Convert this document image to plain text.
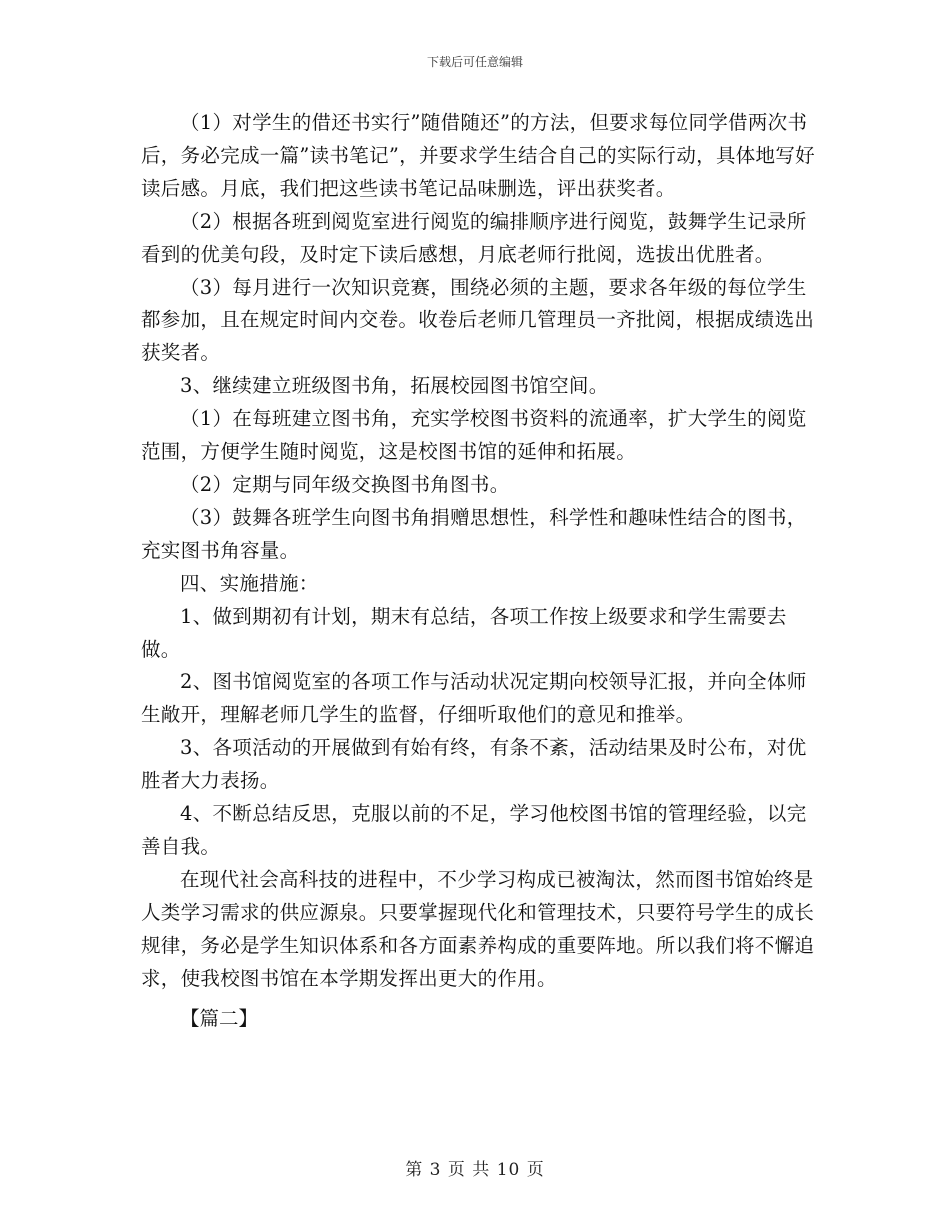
下载后可任意编辑

（1）对学生的借还书实行”随借随还”的方法，但要求每位同学借两次书后，务必完成一篇”读书笔记”，并要求学生结合自己的实际行动，具体地写好读后感。月底，我们把这些读书笔记品味删选，评出获奖者。

（2）根据各班到阅览室进行阅览的编排顺序进行阅览，鼓舞学生记录所看到的优美句段，及时定下读后感想，月底老师行批阅，选拔出优胜者。

（3）每月进行一次知识竞赛，围绕必须的主题，要求各年级的每位学生都参加，且在规定时间内交卷。收卷后老师几管理员一齐批阅，根据成绩选出获奖者。

3、继续建立班级图书角，拓展校园图书馆空间。

（1）在每班建立图书角，充实学校图书资料的流通率，扩大学生的阅览范围，方便学生随时阅览，这是校图书馆的延伸和拓展。

（2）定期与同年级交换图书角图书。

（3）鼓舞各班学生向图书角捐赠思想性，科学性和趣味性结合的图书，充实图书角容量。

四、实施措施：

1、做到期初有计划，期末有总结，各项工作按上级要求和学生需要去做。

2、图书馆阅览室的各项工作与活动状况定期向校领导汇报，并向全体师生敞开，理解老师几学生的监督，仔细听取他们的意见和推举。

3、各项活动的开展做到有始有终，有条不紊，活动结果及时公布，对优胜者大力表扬。

4、不断总结反思，克服以前的不足，学习他校图书馆的管理经验，以完善自我。

在现代社会高科技的进程中，不少学习构成已被淘汰，然而图书馆始终是人类学习需求的供应源泉。只要掌握现代化和管理技术，只要符号学生的成长规律，务必是学生知识体系和各方面素养构成的重要阵地。所以我们将不懈追求，使我校图书馆在本学期发挥出更大的作用。

【篇二】

第 3 页 共 10 页
